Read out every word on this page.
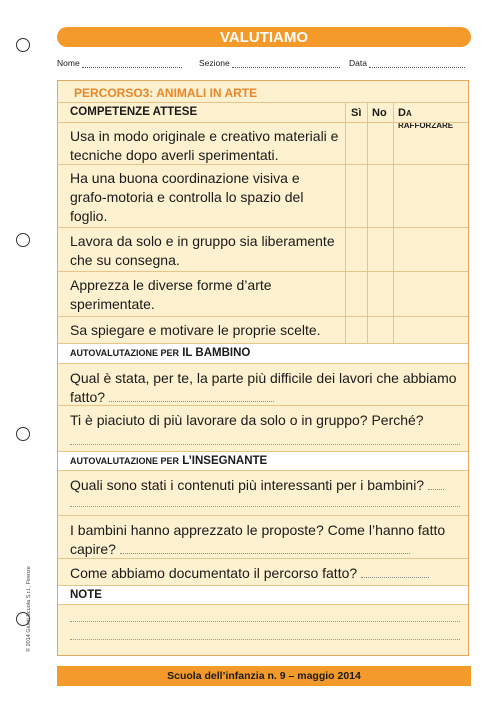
VALUTIAMO
Nome	Sezione	Data
PERCORSO3: ANIMALI IN ARTE
COMPETENZE ATTESE	Sì No DA RAFFORZARE
Usa in modo originale e creativo materiali e tecniche dopo averli sperimentati.
Ha una buona coordinazione visiva e grafo-motoria e controlla lo spazio del foglio.
Lavora da solo e in gruppo sia liberamente che su consegna.
Apprezza le diverse forme d’arte sperimentate.
Sa spiegare e motivare le proprie scelte.
AUTOVALUTAZIONE PER IL BAMBINO
Qual è stata, per te, la parte più difficile dei lavori che abbiamo fatto?
Ti è piaciuto di più lavorare da solo o in gruppo? Perché?
AUTOVALUTAZIONE PER L’INSEGNANTE
Quali sono stati i contenuti più interessanti per i bambini?
I bambini hanno apprezzato le proposte? Come l’hanno fatto capire?
Come abbiamo documentato il percorso fatto?
NOTE
© 2014 Giunti Scuola S.r.l., Firenze
Scuola dell’infanzia n. 9 – maggio 2014
